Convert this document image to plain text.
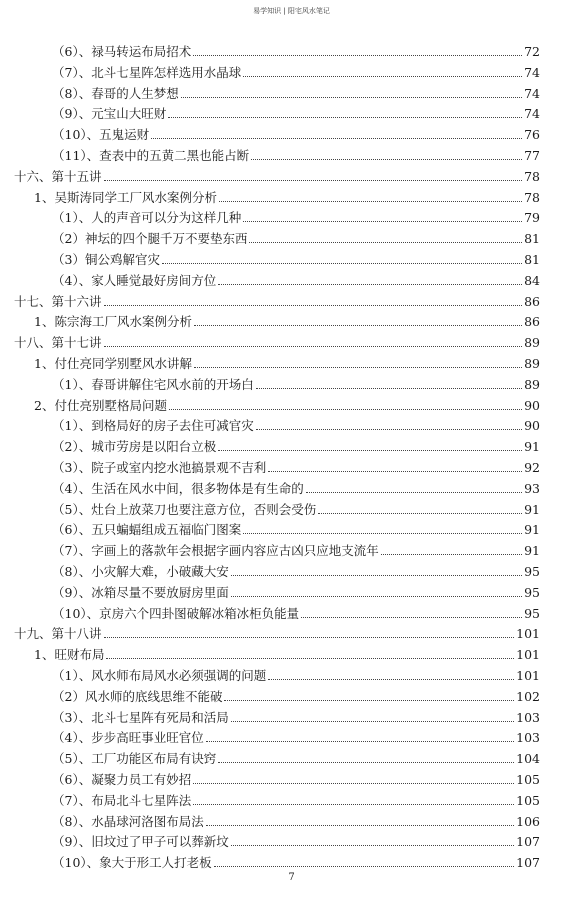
易学知识 | 阳宅风水笔记
（6）、禄马转运布局招术	72
（7）、北斗七星阵怎样选用水晶球	74
（8）、春哥的人生梦想	74
（9）、元宝山大旺财	74
（10）、五鬼运财	76
（11）、查表中的五黄二黑也能占断	77
十六、第十五讲	78
1、吴斯涛同学工厂风水案例分析	78
（1）、人的声音可以分为这样几种	79
（2）神坛的四个腿千万不要垫东西	81
（3）铜公鸡解官灾	81
（4）、家人睡觉最好房间方位	84
十七、第十六讲	86
1、陈宗海工厂风水案例分析	86
十八、第十七讲	89
1、付仕亮同学别墅风水讲解	89
（1）、春哥讲解住宅风水前的开场白	89
2、付仕亮别墅格局问题	90
（1）、到格局好的房子去住可减官灾	90
（2）、城市劳房是以阳台立极	91
（3）、院子或室内挖水池搞景观不吉利	92
（4）、生活在风水中间，很多物体是有生命的	93
（5）、灶台上放菜刀也要注意方位，否则会受伤	91
（6）、五只蝙蝠组成五福临门图案	91
（7）、字画上的落款年会根据字画内容应古凶只应地支流年	91
（8）、小灾解大难，小破藏大安	95
（9）、冰箱尽量不要放厨房里面	95
（10）、京房六个四卦图破解冰箱冰柜负能量	95
十九、第十八讲	101
1、旺财布局	101
（1）、风水师布局风水必须强调的问题	101
（2）风水师的底线思维不能破	102
（3）、北斗七星阵有死局和活局	103
（4）、步步高旺事业旺官位	103
（5）、工厂功能区布局有诀窍	104
（6）、凝聚力员工有妙招	105
（7）、布局北斗七星阵法	105
（8）、水晶球河洛图布局法	106
（9）、旧坟过了甲子可以葬新坟	107
（10）、象大于形工人打老板	107
7
